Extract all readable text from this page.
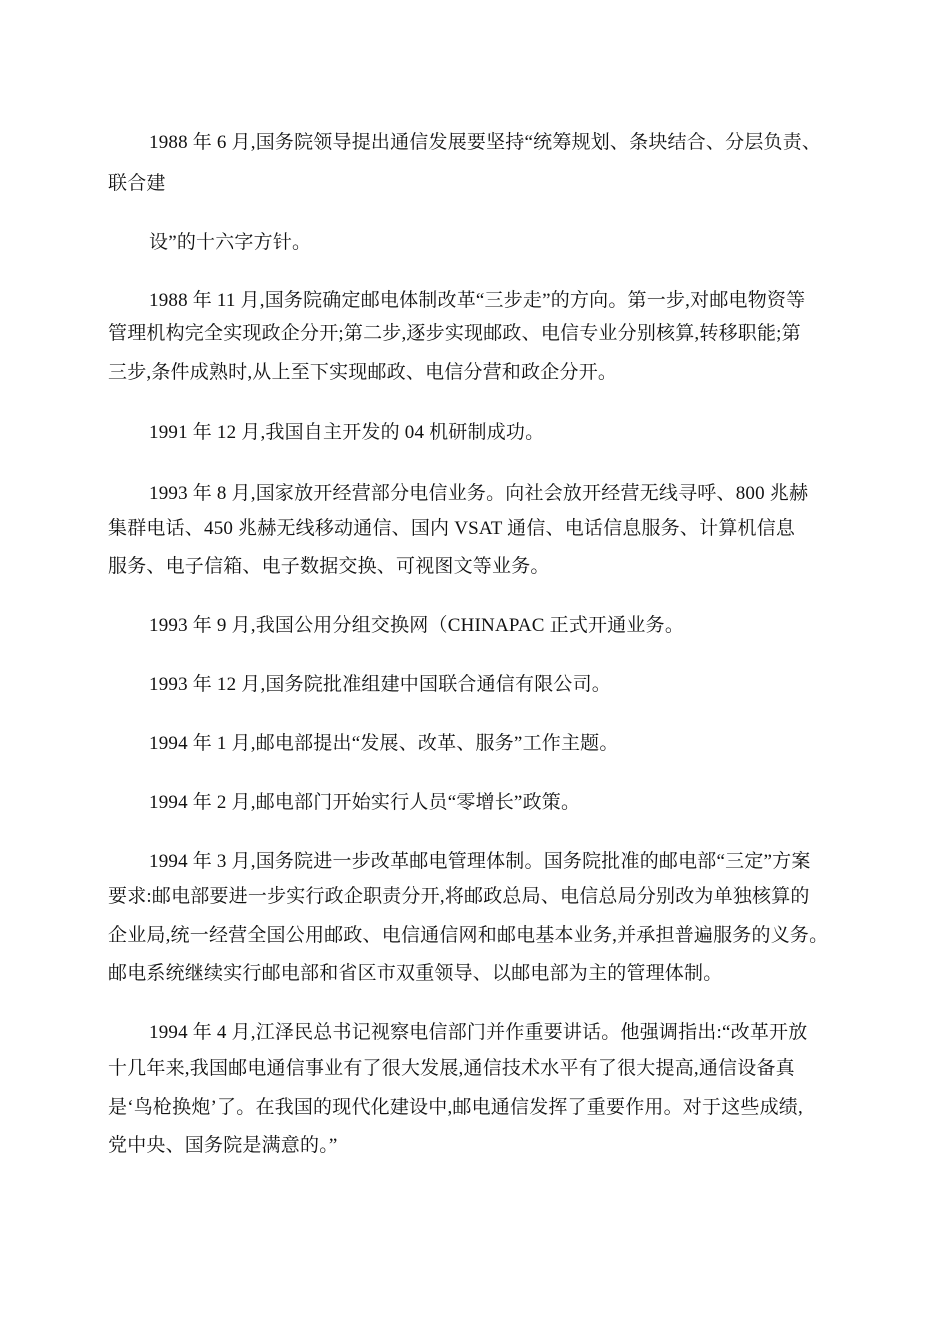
1988 年 6 月,国务院领导提出通信发展要坚持“统筹规划、条块结合、分层负责、
联合建
设”的十六字方针。
1988 年 11 月,国务院确定邮电体制改革“三步走”的方向。第一步,对邮电物资等
管理机构完全实现政企分开;第二步,逐步实现邮政、电信专业分别核算,转移职能;第
三步,条件成熟时,从上至下实现邮政、电信分营和政企分开。
1991 年 12 月,我国自主开发的 04 机研制成功。
1993 年 8 月,国家放开经营部分电信业务。向社会放开经营无线寻呼、800 兆赫
集群电话、450 兆赫无线移动通信、国内 VSAT 通信、电话信息服务、计算机信息
服务、电子信箱、电子数据交换、可视图文等业务。
1993 年 9 月,我国公用分组交换网（CHINAPAC 正式开通业务。
1993 年 12 月,国务院批准组建中国联合通信有限公司。
1994 年 1 月,邮电部提出“发展、改革、服务”工作主题。
1994 年 2 月,邮电部门开始实行人员“零增长”政策。
1994 年 3 月,国务院进一步改革邮电管理体制。国务院批准的邮电部“三定”方案
要求:邮电部要进一步实行政企职责分开,将邮政总局、电信总局分别改为单独核算的
企业局,统一经营全国公用邮政、电信通信网和邮电基本业务,并承担普遍服务的义务。
邮电系统继续实行邮电部和省区市双重领导、以邮电部为主的管理体制。
1994 年 4 月,江泽民总书记视察电信部门并作重要讲话。他强调指出:“改革开放
十几年来,我国邮电通信事业有了很大发展,通信技术水平有了很大提高,通信设备真
是‘鸟枪换炮’了。在我国的现代化建设中,邮电通信发挥了重要作用。对于这些成绩,
党中央、国务院是满意的。”
